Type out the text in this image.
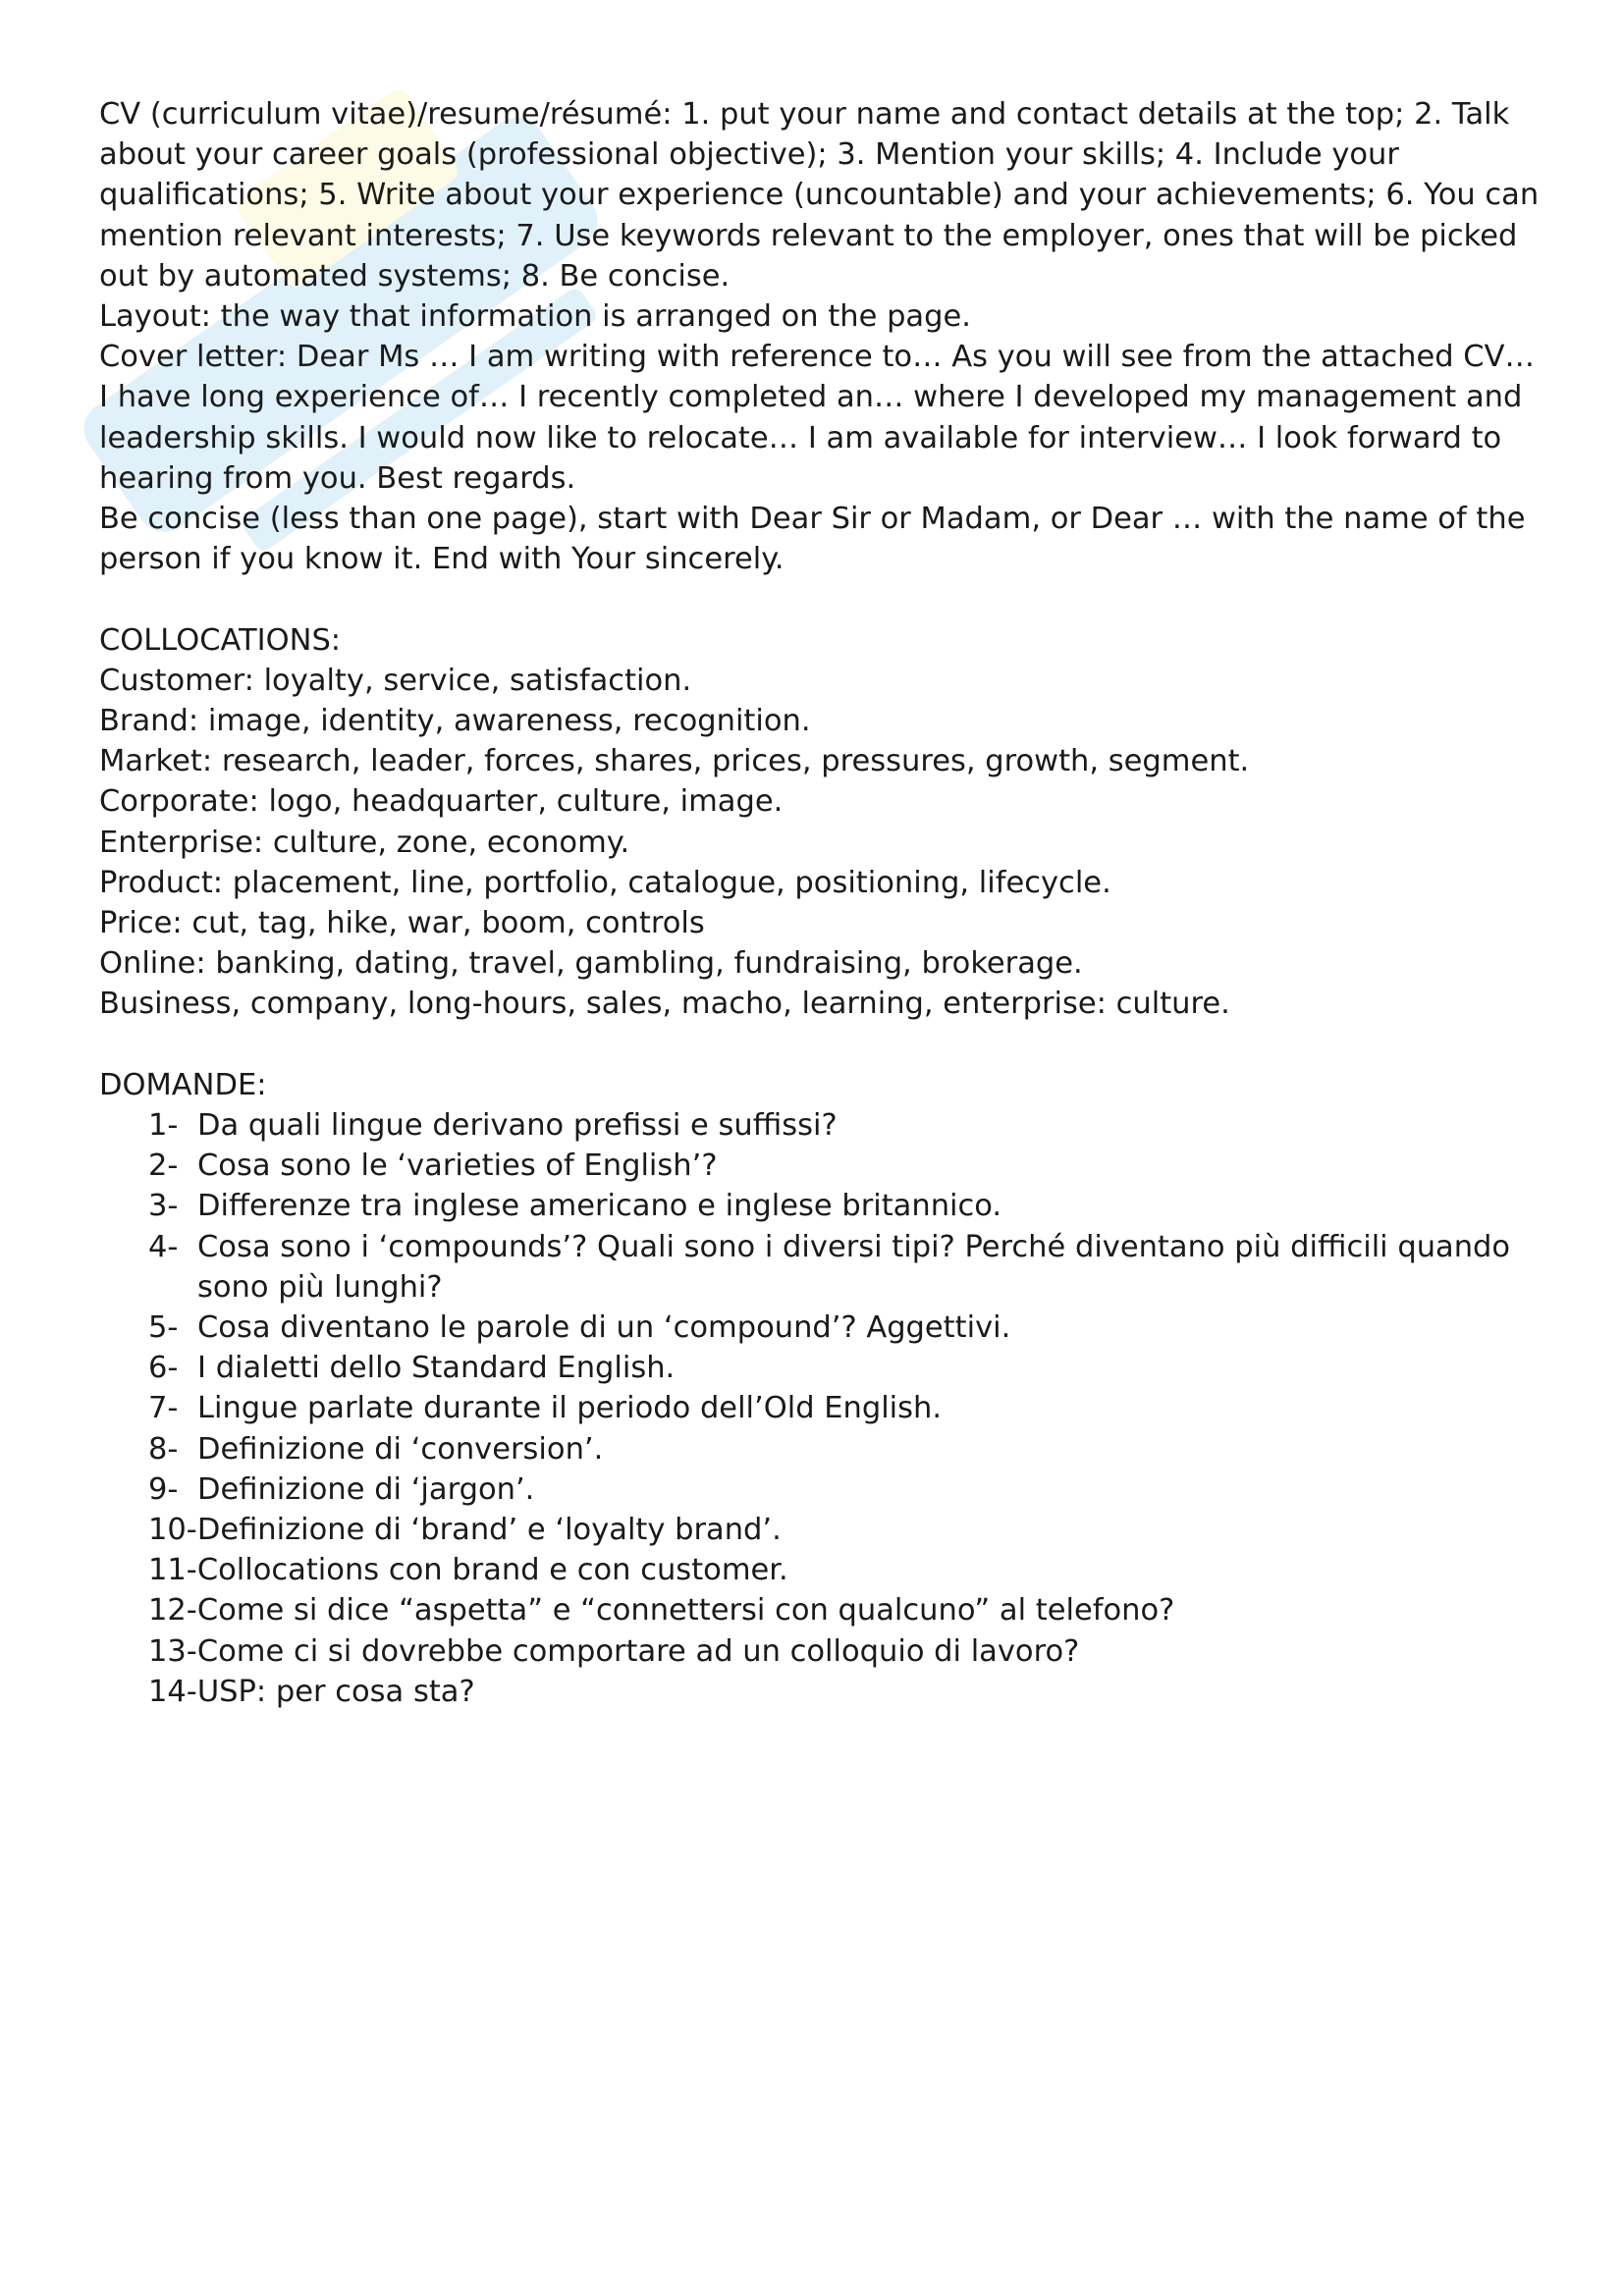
CV (curriculum vitae)/resume/résumé: 1. put your name and contact details at the top; 2. Talk about your career goals (professional objective); 3. Mention your skills; 4. Include your qualifications; 5. Write about your experience (uncountable) and your achievements; 6. You can mention relevant interests; 7. Use keywords relevant to the employer, ones that will be picked out by automated systems; 8. Be concise.

Layout: the way that information is arranged on the page.

Cover letter: Dear Ms … I am writing with reference to… As you will see from the attached CV… I have long experience of… I recently completed an… where I developed my management and leadership skills. I would now like to relocate… I am available for interview… I look forward to hearing from you. Best regards.

Be concise (less than one page), start with Dear Sir or Madam, or Dear … with the name of the person if you know it. End with Your sincerely.

COLLOCATIONS:

Customer: loyalty, service, satisfaction.

Brand: image, identity, awareness, recognition.

Market: research, leader, forces, shares, prices, pressures, growth, segment.

Corporate: logo, headquarter, culture, image.

Enterprise: culture, zone, economy.

Product: placement, line, portfolio, catalogue, positioning, lifecycle.

Price: cut, tag, hike, war, boom, controls

Online: banking, dating, travel, gambling, fundraising, brokerage.

Business, company, long-hours, sales, macho, learning, enterprise: culture.

DOMANDE:

1- Da quali lingue derivano prefissi e suffissi?
2- Cosa sono le ‘varieties of English’?
3- Differenze tra inglese americano e inglese britannico.
4- Cosa sono i ‘compounds’? Quali sono i diversi tipi? Perché diventano più difficili quando sono più lunghi?
5- Cosa diventano le parole di un ‘compound’? Aggettivi.
6- I dialetti dello Standard English.
7- Lingue parlate durante il periodo dell’Old English.
8- Definizione di ‘conversion’.
9- Definizione di ‘jargon’.
10-Definizione di ‘brand’ e ‘loyalty brand’.
11-Collocations con brand e con customer.
12-Come si dice “aspetta” e “connettersi con qualcuno” al telefono?
13-Come ci si dovrebbe comportare ad un colloquio di lavoro?
14-USP: per cosa sta?
